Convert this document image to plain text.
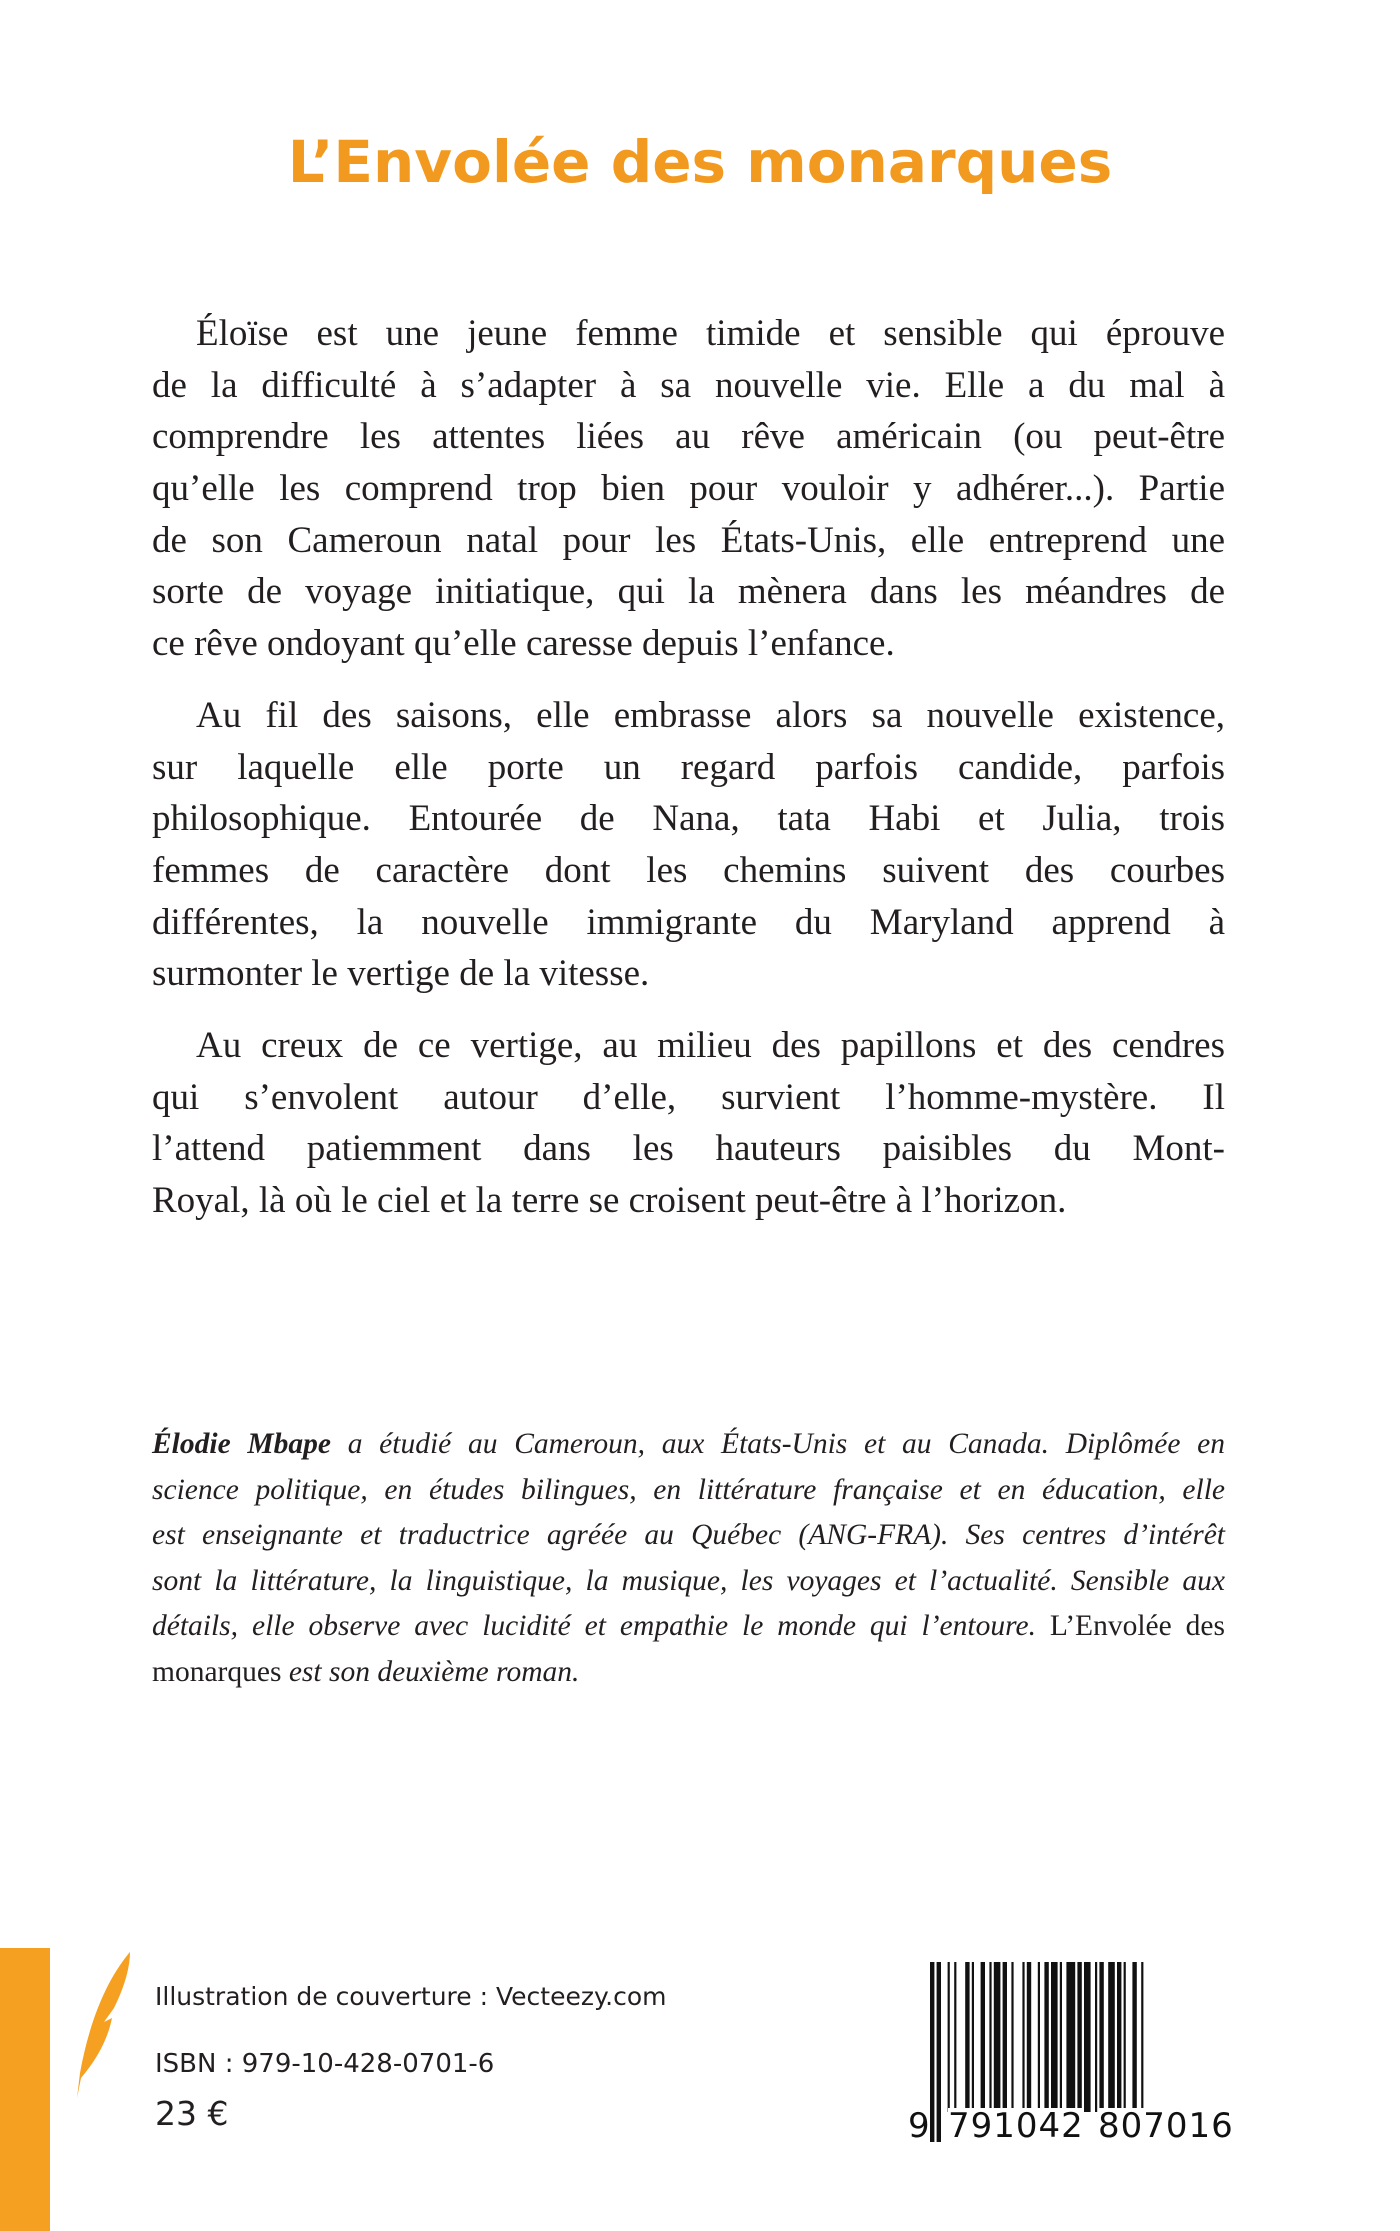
L’Envolée des monarques
Éloïse est une jeune femme timide et sensible qui éprouve
de la difficulté à s’adapter à sa nouvelle vie. Elle a du mal à
comprendre les attentes liées au rêve américain (ou peut-être
qu’elle les comprend trop bien pour vouloir y adhérer...). Partie
de son Cameroun natal pour les États-Unis, elle entreprend une
sorte de voyage initiatique, qui la mènera dans les méandres de
ce rêve ondoyant qu’elle caresse depuis l’enfance.
Au fil des saisons, elle embrasse alors sa nouvelle existence,
sur laquelle elle porte un regard parfois candide, parfois
philosophique. Entourée de Nana, tata Habi et Julia, trois
femmes de caractère dont les chemins suivent des courbes
différentes, la nouvelle immigrante du Maryland apprend à
surmonter le vertige de la vitesse.
Au creux de ce vertige, au milieu des papillons et des cendres
qui s’envolent autour d’elle, survient l’homme-mystère. Il
l’attend patiemment dans les hauteurs paisibles du Mont-
Royal, là où le ciel et la terre se croisent peut-être à l’horizon.
Élodie Mbape a étudié au Cameroun, aux États-Unis et au Canada. Diplômée en
science politique, en études bilingues, en littérature française et en éducation, elle
est enseignante et traductrice agréée au Québec (ANG-FRA). Ses centres d’intérêt
sont la littérature, la linguistique, la musique, les voyages et l’actualité. Sensible aux
détails, elle observe avec lucidité et empathie le monde qui l’entoure. L’Envolée des
monarques est son deuxième roman.
Illustration de couverture : Vecteezy.com
ISBN : 979-10-428-0701-6
23 €	9 791042 807016
